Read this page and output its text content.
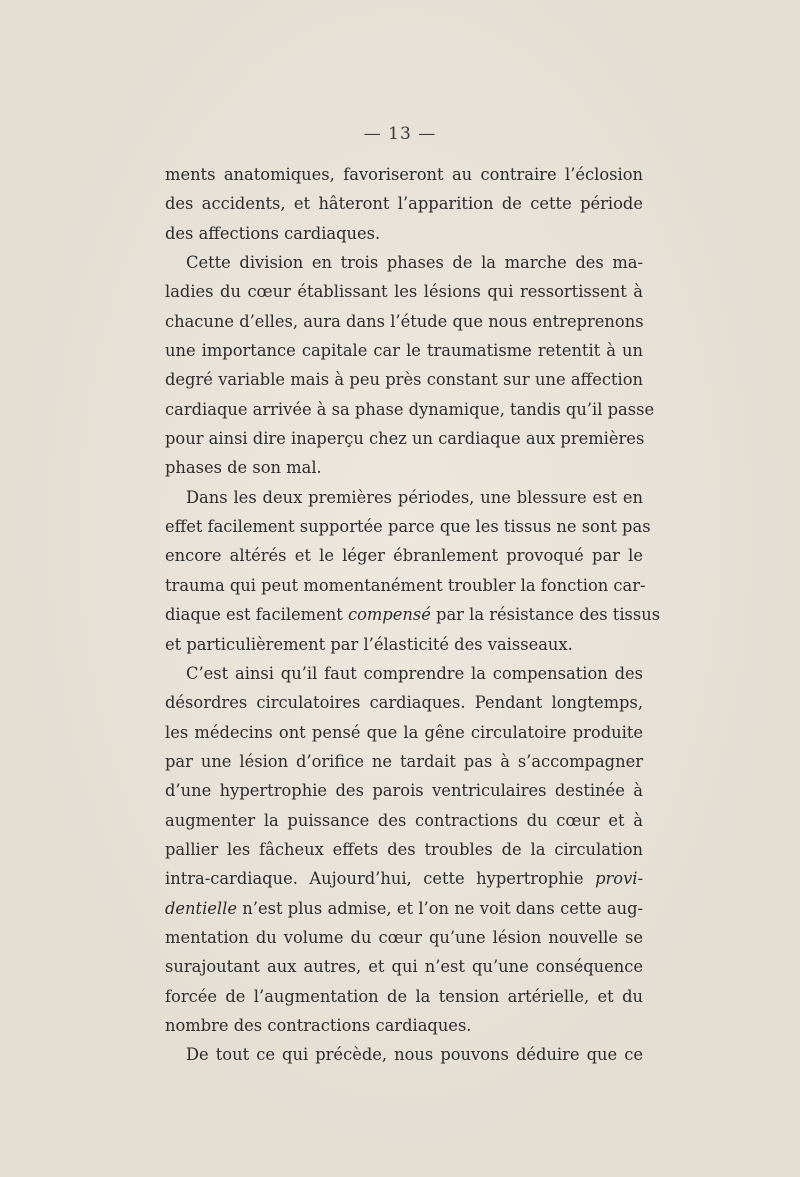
— 13 —
ments anatomiques, favoriseront au contraire l’éclosion
des accidents, et hâteront l’apparition de cette période
des affections cardiaques.
Cette division en trois phases de la marche des ma-
ladies du cœur établissant les lésions qui ressortissent à
chacune d’elles, aura dans l’étude que nous entreprenons
une importance capitale car le traumatisme retentit à un
degré variable mais à peu près constant sur une affection
cardiaque arrivée à sa phase dynamique, tandis qu’il passe
pour ainsi dire inaperçu chez un cardiaque aux premières
phases de son mal.
Dans les deux premières périodes, une blessure est en
effet facilement supportée parce que les tissus ne sont pas
encore altérés et le léger ébranlement provoqué par le
trauma qui peut momentanément troubler la fonction car-
diaque est facilement compensé par la résistance des tissus
et particulièrement par l’élasticité des vaisseaux.
C’est ainsi qu’il faut comprendre la compensation des
désordres circulatoires cardiaques. Pendant longtemps,
les médecins ont pensé que la gêne circulatoire produite
par une lésion d’orifice ne tardait pas à s’accompagner
d’une hypertrophie des parois ventriculaires destinée à
augmenter la puissance des contractions du cœur et à
pallier les fâcheux effets des troubles de la circulation
intra-cardiaque. Aujourd’hui, cette hypertrophie provi-
dentielle n’est plus admise, et l’on ne voit dans cette aug-
mentation du volume du cœur qu’une lésion nouvelle se
surajoutant aux autres, et qui n’est qu’une conséquence
forcée de l’augmentation de la tension artérielle, et du
nombre des contractions cardiaques.
De tout ce qui précède, nous pouvons déduire que ce
